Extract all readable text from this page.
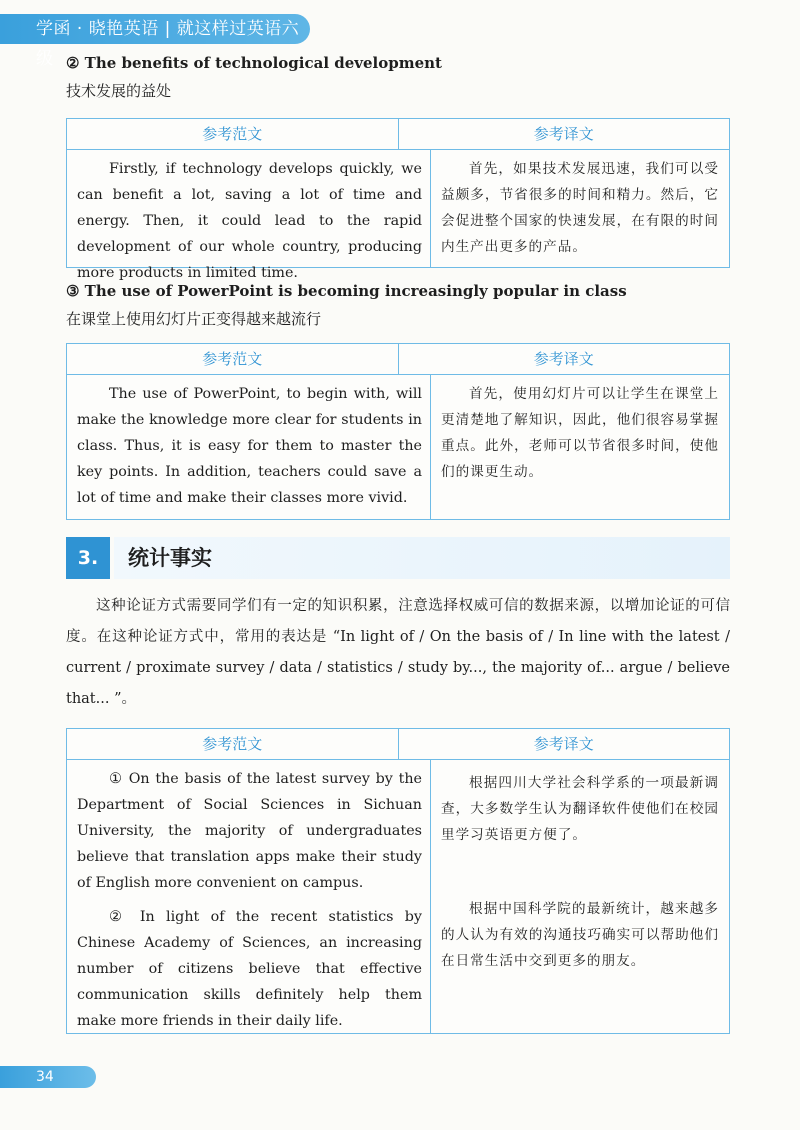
学函 · 晓艳英语 | 就这样过英语六级 ② The benefits of technological development

技术发展的益处

参考范文	参考译文

Firstly, if technology develops quickly, we can benefit a lot, saving a lot of time and energy. Then, it could lead to the rapid development of our whole country, producing more products in limited time.

首先，如果技术发展迅速，我们可以受益颇多，节省很多的时间和精力。然后，它会促进整个国家的快速发展，在有限的时间内生产出更多的产品。

③ The use of PowerPoint is becoming increasingly popular in class

在课堂上使用幻灯片正变得越来越流行

参考范文	参考译文

The use of PowerPoint, to begin with, will make the knowledge more clear for students in class. Thus, it is easy for them to master the key points. In addition, teachers could save a lot of time and make their classes more vivid.

首先，使用幻灯片可以让学生在课堂上更清楚地了解知识，因此，他们很容易掌握重点。此外，老师可以节省很多时间，使他们的课更生动。

3.	统计事实

这种论证方式需要同学们有一定的知识积累，注意选择权威可信的数据来源，以增加论证的可信度。在这种论证方式中，常用的表达是 “In light of / On the basis of / In line with the latest / current / proximate survey / data / statistics / study by..., the majority of... argue / believe that... ”。

参考范文	参考译文

① On the basis of the latest survey by the Department of Social Sciences in Sichuan University, the majority of undergraduates believe that translation apps make their study of English more convenient on campus.

② In light of the recent statistics by Chinese Academy of Sciences, an increasing number of citizens believe that effective communication skills definitely help them make more friends in their daily life.

根据四川大学社会科学系的一项最新调查，大多数学生认为翻译软件使他们在校园里学习英语更方便了。

根据中国科学院的最新统计，越来越多的人认为有效的沟通技巧确实可以帮助他们在日常生活中交到更多的朋友。

34
